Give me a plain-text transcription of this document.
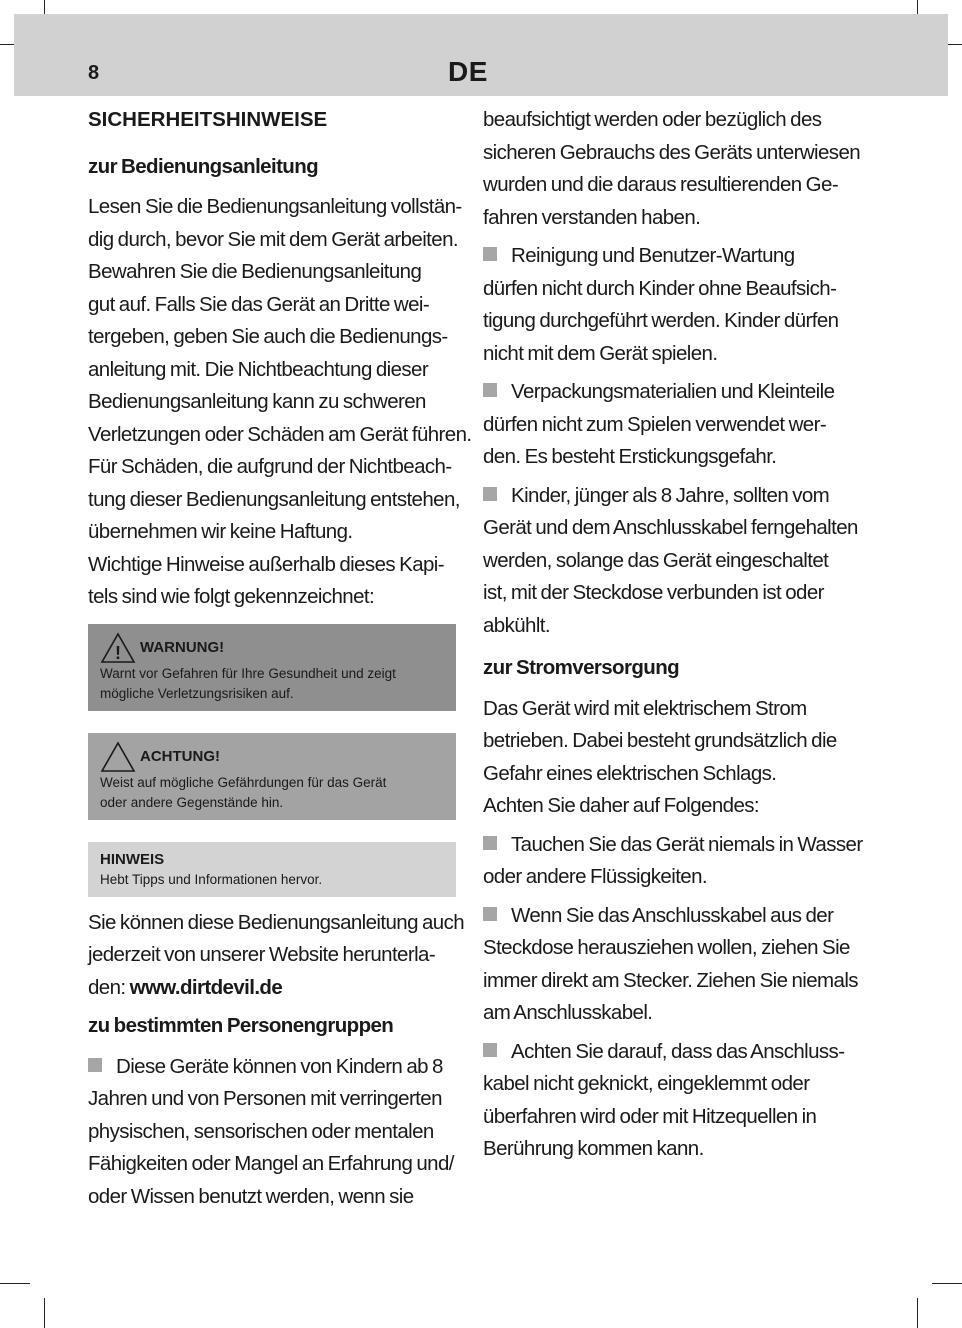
8	DE
SICHERHEITSHINWEISE
zur Bedienungsanleitung

Lesen Sie die Bedienungsanleitung vollstän-
dig durch, bevor Sie mit dem Gerät arbeiten.
Bewahren Sie die Bedienungsanleitung
gut auf. Falls Sie das Gerät an Dritte wei-
tergeben, geben Sie auch die Bedienungs-
anleitung mit. Die Nichtbeachtung dieser
Bedienungsanleitung kann zu schweren
Verletzungen oder Schäden am Gerät führen.
Für Schäden, die aufgrund der Nichtbeach-
tung dieser Bedienungsanleitung entstehen,
übernehmen wir keine Haftung.
Wichtige Hinweise außerhalb dieses Kapi-
tels sind wie folgt gekennzeichnet:

! WARNUNG!
Warnt vor Gefahren für Ihre Gesundheit und zeigt
mögliche Verletzungsrisiken auf.
ACHTUNG!
Weist auf mögliche Gefährdungen für das Gerät
oder andere Gegenstände hin.
HINWEIS
Hebt Tipps und Informationen hervor.

Sie können diese Bedienungsanleitung auch
jederzeit von unserer Website herunterla-
den: www.dirtdevil.de

zu bestimmten Personengruppen

Diese Geräte können von Kindern ab 8
Jahren und von Personen mit verringerten
physischen, sensorischen oder mentalen
Fähigkeiten oder Mangel an Erfahrung und/
oder Wissen benutzt werden, wenn sie

beaufsichtigt werden oder bezüglich des
sicheren Gebrauchs des Geräts unterwiesen
wurden und die daraus resultierenden Ge-
fahren verstanden haben.

Reinigung und Benutzer-Wartung
dürfen nicht durch Kinder ohne Beaufsich-
tigung durchgeführt werden. Kinder dürfen
nicht mit dem Gerät spielen.

Verpackungsmaterialien und Kleinteile
dürfen nicht zum Spielen verwendet wer-
den. Es besteht Erstickungsgefahr.

Kinder, jünger als 8 Jahre, sollten vom
Gerät und dem Anschlusskabel ferngehalten
werden, solange das Gerät eingeschaltet
ist, mit der Steckdose verbunden ist oder
abkühlt.

zur Stromversorgung

Das Gerät wird mit elektrischem Strom
betrieben. Dabei besteht grundsätzlich die
Gefahr eines elektrischen Schlags.
Achten Sie daher auf Folgendes:

Tauchen Sie das Gerät niemals in Wasser
oder andere Flüssigkeiten.

Wenn Sie das Anschlusskabel aus der
Steckdose herausziehen wollen, ziehen Sie
immer direkt am Stecker. Ziehen Sie niemals
am Anschlusskabel.

Achten Sie darauf, dass das Anschluss-
kabel nicht geknickt, eingeklemmt oder
überfahren wird oder mit Hitzequellen in
Berührung kommen kann.
